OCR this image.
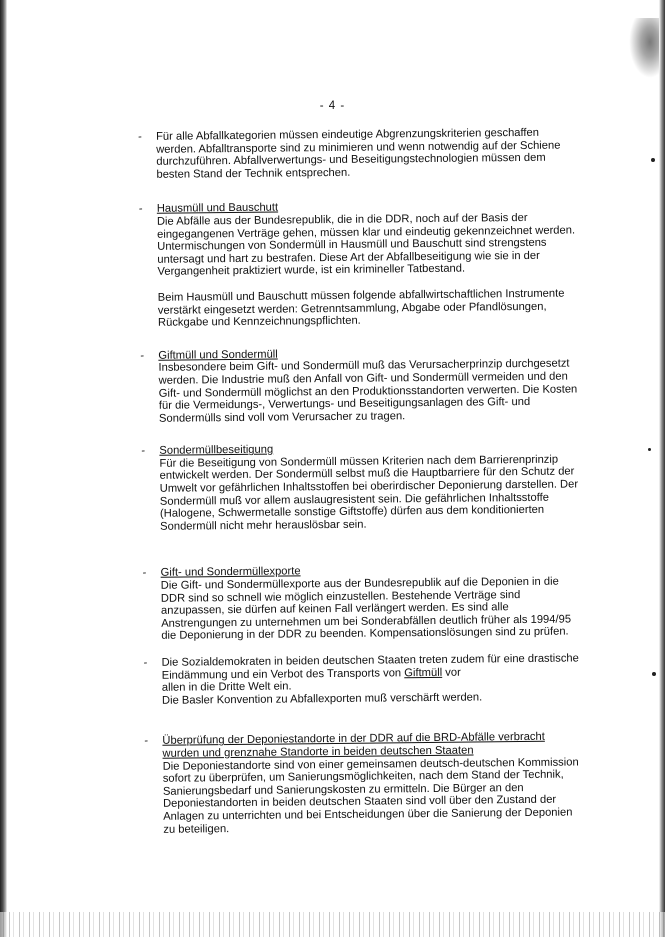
- 4 -
- Für alle Abfallkategorien müssen eindeutige Abgrenzungskriterien geschaffen werden. Abfalltransporte sind zu minimieren und wenn notwendig auf der Schiene durchzuführen. Abfallverwertungs- und Beseitigungstechnologien müssen dem besten Stand der Technik entsprechen.

- Hausmüll und Bauschutt

Die Abfälle aus der Bundesrepublik, die in die DDR, noch auf der Basis der eingegangenen Verträge gehen, müssen klar und eindeutig gekennzeichnet werden. Untermischungen von Sondermüll in Hausmüll und Bauschutt sind strengstens untersagt und hart zu bestrafen. Diese Art der Abfallbeseitigung wie sie in der Vergangenheit praktiziert wurde, ist ein krimineller Tatbestand.

Beim Hausmüll und Bauschutt müssen folgende abfallwirtschaftlichen Instrumente verstärkt eingesetzt werden: Getrenntsammlung, Abgabe oder Pfandlösungen, Rückgabe und Kennzeichnungspflichten.

- Giftmüll und Sondermüll

Insbesondere beim Gift- und Sondermüll muß das Verursacherprinzip durchgesetzt werden. Die Industrie muß den Anfall von Gift- und Sondermüll vermeiden und den Gift- und Sondermüll möglichst an den Produktionsstandorten verwerten. Die Kosten für die Vermeidungs-, Verwertungs- und Beseitigungsanlagen des Gift- und Sondermülls sind voll vom Verursacher zu tragen.

- Sondermüllbeseitigung

Für die Beseitigung von Sondermüll müssen Kriterien nach dem Barrierenprinzip entwickelt werden. Der Sondermüll selbst muß die Hauptbarriere für den Schutz der Umwelt vor gefährlichen Inhaltsstoffen bei oberirdischer Deponierung darstellen. Der Sondermüll muß vor allem auslaugresistent sein. Die gefährlichen Inhaltsstoffe (Halogene, Schwermetalle sonstige Giftstoffe) dürfen aus dem konditionierten Sondermüll nicht mehr herauslösbar sein.

- Gift- und Sondermüllexporte

Die Gift- und Sondermüllexporte aus der Bundesrepublik auf die Deponien in die DDR sind so schnell wie möglich einzustellen. Bestehende Verträge sind anzupassen, sie dürfen auf keinen Fall verlängert werden. Es sind alle Anstrengungen zu unternehmen um bei Sonderabfällen deutlich früher als 1994/95 die Deponierung in der DDR zu beenden. Kompensationslösungen sind zu prüfen.

- Die Sozialdemokraten in beiden deutschen Staaten treten zudem für eine drastische Eindämmung und ein Verbot des Transports von Giftmüll vor
allen in die Dritte Welt ein.
Die Basler Konvention zu Abfallexporten muß verschärft werden.

- Überprüfung der Deponiestandorte in der DDR auf die BRD-Abfälle verbracht wurden und grenznahe Standorte in beiden deutschen Staaten

Die Deponiestandorte sind von einer gemeinsamen deutsch-deutschen Kommission sofort zu überprüfen, um Sanierungsmöglichkeiten, nach dem Stand der Technik, Sanierungsbedarf und Sanierungskosten zu ermitteln. Die Bürger an den Deponiestandorten in beiden deutschen Staaten sind voll über den Zustand der Anlagen zu unterrichten und bei Entscheidungen über die Sanierung der Deponien zu beteiligen.
